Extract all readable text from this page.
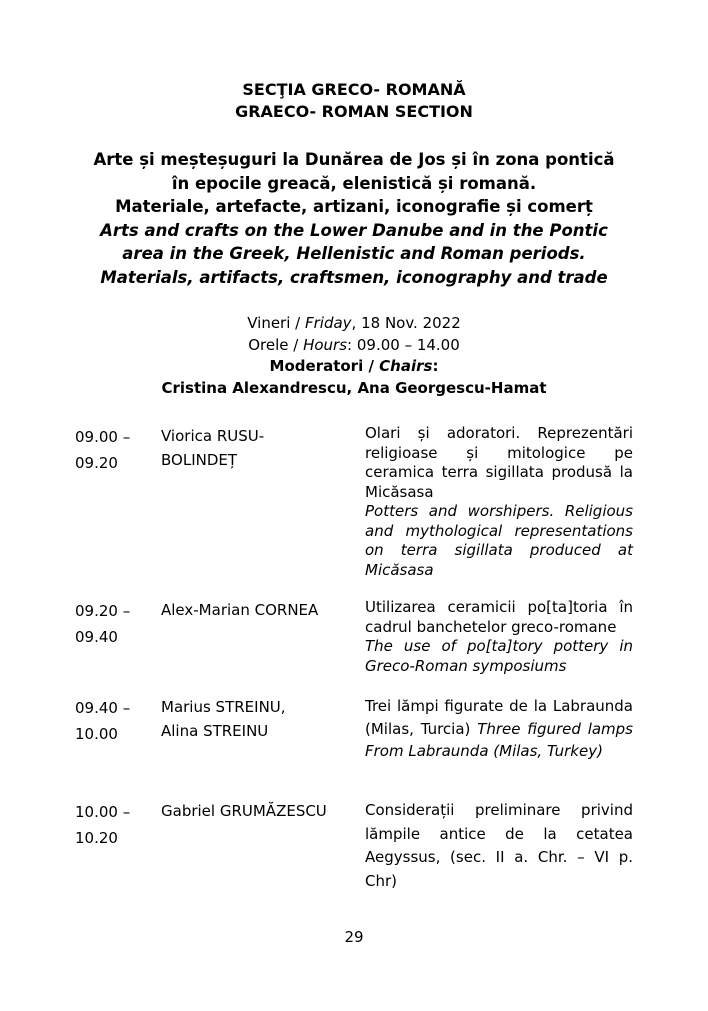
SECŢIA GRECO- ROMANĂ
GRAECO- ROMAN SECTION
Arte și meșteșuguri la Dunărea de Jos și în zona pontică
în epocile greacă, elenistică și romană.
Materiale, artefacte, artizani, iconografie și comerț
Arts and crafts on the Lower Danube and in the Pontic
area in the Greek, Hellenistic and Roman periods.
Materials, artifacts, craftsmen, iconography and trade
Vineri / Friday, 18 Nov. 2022
Orele / Hours: 09.00 – 14.00
Moderatori / Chairs:
Cristina Alexandrescu, Ana Georgescu-Hamat
09.00 –
09.20
Viorica RUSU-
BOLINDEȚ
Olari și adoratori. Reprezentări religioase și mitologice pe ceramica terra sigillata produsă la Micăsasa
Potters and worshipers. Religious and mythological representations on terra sigillata produced at Micăsasa
09.20 –
09.40
Alex-Marian CORNEA	Utilizarea ceramicii po[ta]toria în cadrul banchetelor greco-romane
The use of po[ta]tory pottery in Greco-Roman symposiums
09.40 –
10.00
Marius STREINU,
Alina STREINU
Trei lămpi figurate de la Labraunda (Milas, Turcia) Three figured lamps From Labraunda (Milas, Turkey)
10.00 –
10.20
Gabriel GRUMĂZESCU	Considerații preliminare privind lămpile antice de la cetatea Aegyssus, (sec. II a. Chr. – VI p. Chr)
29
